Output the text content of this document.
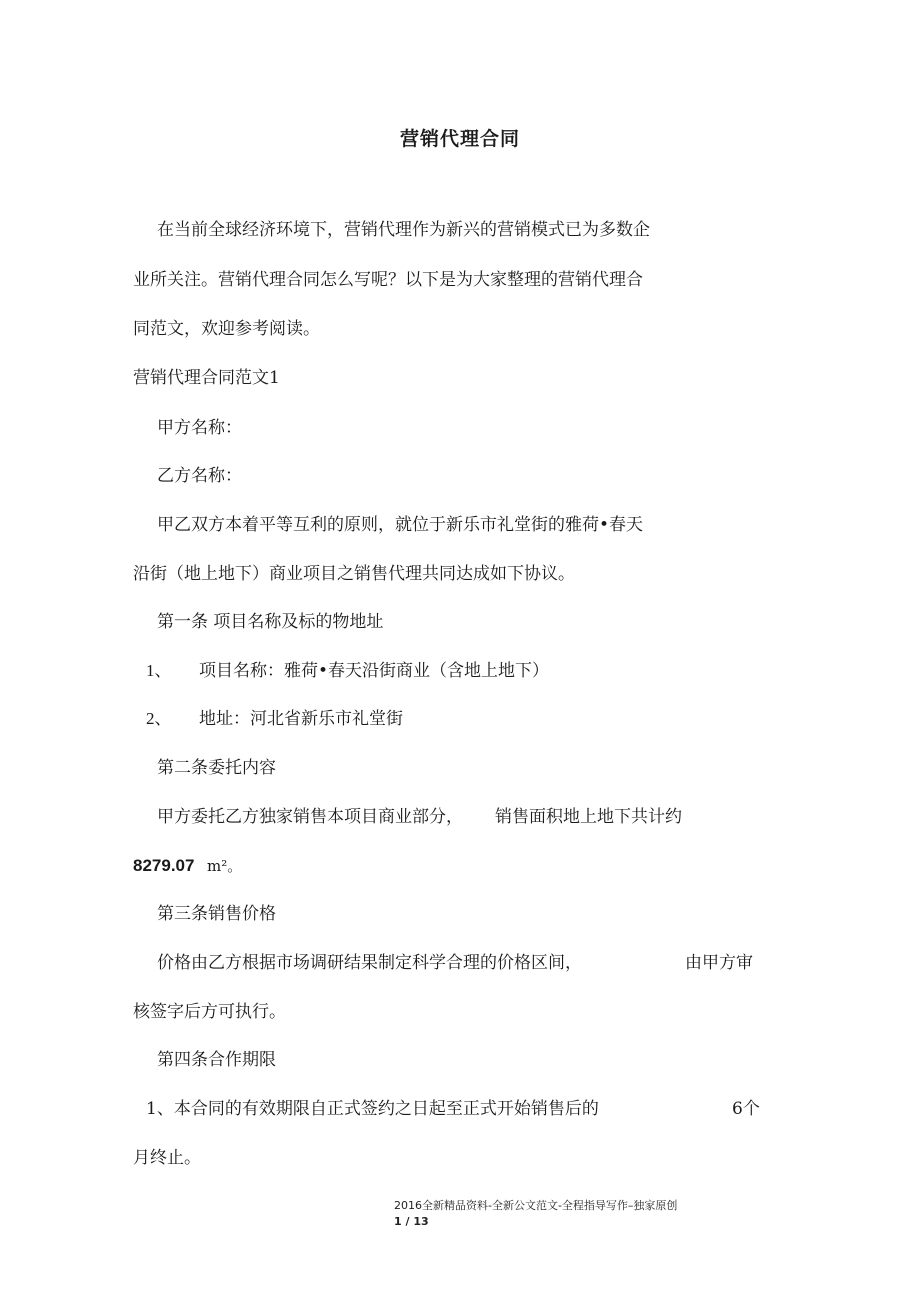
营销代理合同
在当前全球经济环境下，营销代理作为新兴的营销模式已为多数企
业所关注。营销代理合同怎么写呢？以下是为大家整理的营销代理合
同范文，欢迎参考阅读。
营销代理合同范文1
甲方名称：
乙方名称：
甲乙双方本着平等互利的原则，就位于新乐市礼堂街的雅荷•春天
沿街（地上地下）商业项目之销售代理共同达成如下协议。
第一条 项目名称及标的物地址
1、 项目名称：雅荷•春天沿街商业（含地上地下）
2、 地址：河北省新乐市礼堂街
第二条委托内容
甲方委托乙方独家销售本项目商业部分， 销售面积地上地下共计约
8279.07 m²。
第三条销售价格
价格由乙方根据市场调研结果制定科学合理的价格区间，	由甲方审
核签字后方可执行。
第四条合作期限
1、本合同的有效期限自正式签约之日起至正式开始销售后的	6个
月终止。
2016全新精品资料-全新公文范文-全程指导写作–独家原创
1 / 13
